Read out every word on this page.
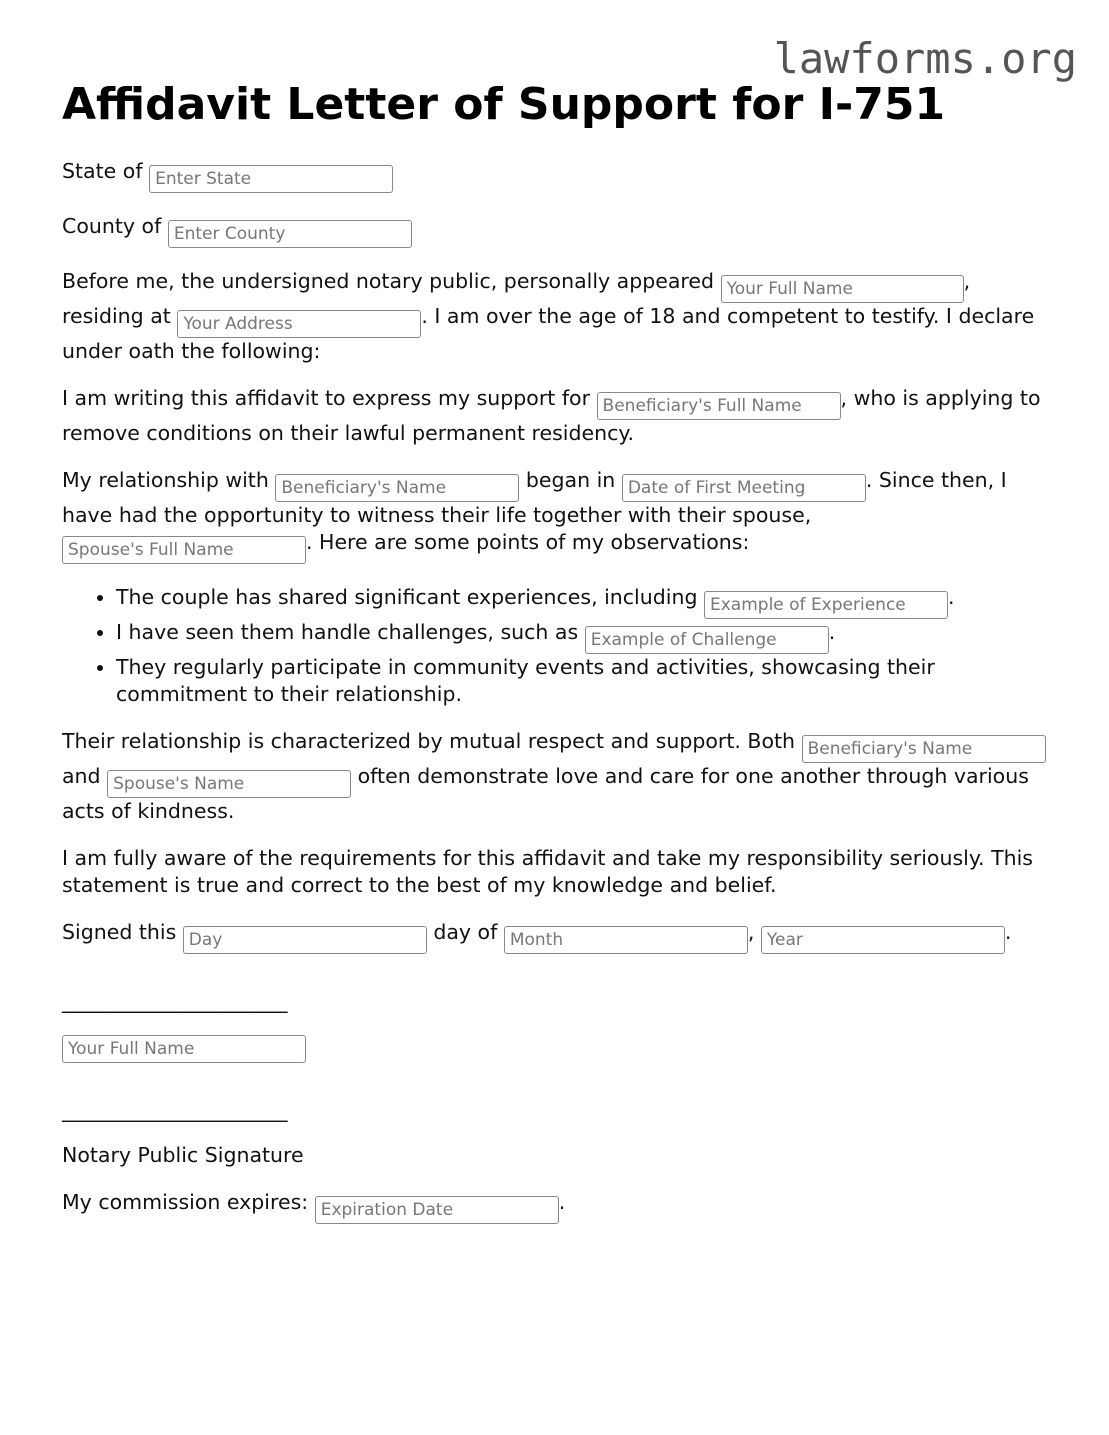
lawforms.org
Affidavit Letter of Support for I-751

State of Enter State

County of Enter County

Before me, the undersigned notary public, personally appeared Your Full Name	, residing at Your Address	. I am over the age of 18 and competent to testify. I declare under oath the following:

I am writing this affidavit to express my support for Beneficiary's Full Name	, who is applying to remove conditions on their lawful permanent residency.

My relationship with Beneficiary's Name	began in Date of First Meeting	. Since then, I have had the opportunity to witness their life together with their spouse, Spouse's Full Name. Here are some points of my observations:

• The couple has shared significant experiences, including Example of Experience	.
• I have seen them handle challenges, such as Example of Challenge	.
• They regularly participate in community events and activities, showcasing their commitment to their relationship.

Their relationship is characterized by mutual respect and support. Both Beneficiary's Name and Spouse's Name	often demonstrate love and care for one another through various acts of kindness.

I am fully aware of the requirements for this affidavit and take my responsibility seriously. This statement is true and correct to the best of my knowledge and belief.

Signed this Day	day of Month	, Year	.

______________________
Your Full Name
______________________

Notary Public Signature

My commission expires: Expiration Date	.
